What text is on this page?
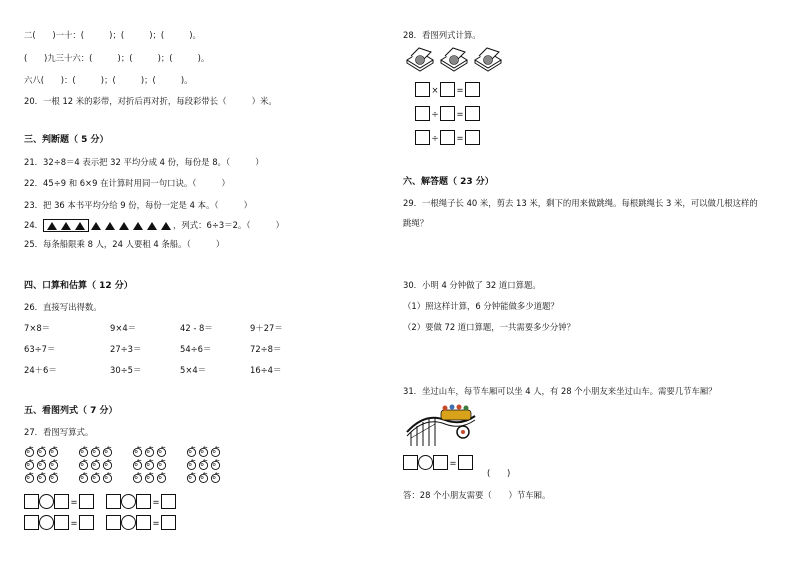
二(　　)一十：(　　　)；(　　　)；(　　　)。
(　　)九三十六：(　　　)；(　　　)；(　　　)。
六八(　　)：(　　　)；(　　　)；(　　　)。
20．一根 12 米的彩带，对折后再对折，每段彩带长（　　　）米。
三、判断题（ 5 分）
21．32÷8＝4 表示把 32 平均分成 4 份，每份是 8。（　　　）
22．45÷9 和 6×9 在计算时用同一句口诀。（　　　）
23．把 36 本书平均分给 9 份，每份一定是 4 本。（　　　）
24．	，列式：6÷3＝2。（　　　）
25．每条船限乘 8 人，24 人要租 4 条船。（　　　）
四、口算和估算（ 12 分）
26．直接写出得数。
7×8＝	9×4＝	42 - 8＝	9＋27＝
63÷7＝	27÷3＝	54÷6＝	72÷8＝
24＋6＝	30÷5＝	5×4＝	16÷4＝
五、看图列式（ 7 分）
27．看图写算式。
=	=
=	=
28．看图列式计算。
× =
÷ =
÷ =
六、解答题（ 23 分）
29．一根绳子长 40 米，剪去 13 米，剩下的用来做跳绳。每根跳绳长 3 米，可以做几根这样的
跳绳？
30．小明 4 分钟做了 32 道口算题。
（1）照这样计算，6 分钟能做多少道题？
（2）要做 72 道口算题，一共需要多少分钟？
31．坐过山车，每节车厢可以坐 4 人，有 28 个小朋友来坐过山车。需要几节车厢？
=
(　　)
答：28 个小朋友需要（　　）节车厢。
